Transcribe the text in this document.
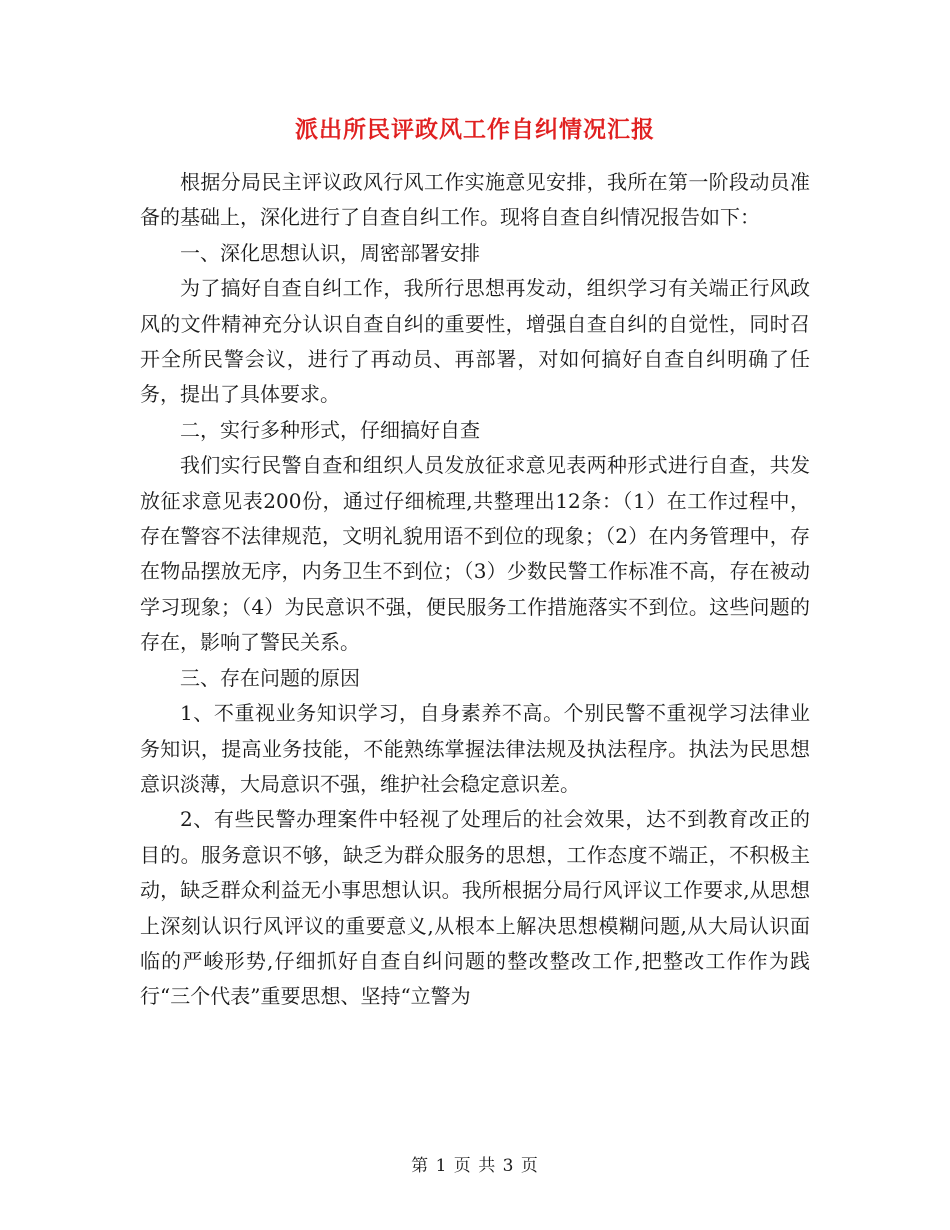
派出所民评政风工作自纠情况汇报

根据分局民主评议政风行风工作实施意见安排，我所在第一阶段动员准备的基础上，深化进行了自查自纠工作。现将自查自纠情况报告如下：

一、深化思想认识，周密部署安排

为了搞好自查自纠工作，我所行思想再发动，组织学习有关端正行风政风的文件精神充分认识自查自纠的重要性，增强自查自纠的自觉性，同时召开全所民警会议，进行了再动员、再部署，对如何搞好自查自纠明确了任务，提出了具体要求。

二，实行多种形式，仔细搞好自查

我们实行民警自查和组织人员发放征求意见表两种形式进行自查，共发放征求意见表200份，通过仔细梳理,共整理出12条：（1）在工作过程中，存在警容不法律规范，文明礼貌用语不到位的现象；（2）在内务管理中，存在物品摆放无序，内务卫生不到位；（3）少数民警工作标准不高，存在被动学习现象；（4）为民意识不强，便民服务工作措施落实不到位。这些问题的存在，影响了警民关系。

三、存在问题的原因

1、不重视业务知识学习，自身素养不高。个别民警不重视学习法律业务知识，提高业务技能，不能熟练掌握法律法规及执法程序。执法为民思想意识淡薄，大局意识不强，维护社会稳定意识差。

2、有些民警办理案件中轻视了处理后的社会效果，达不到教育改正的目的。服务意识不够，缺乏为群众服务的思想，工作态度不端正，不积极主动，缺乏群众利益无小事思想认识。我所根据分局行风评议工作要求,从思想上深刻认识行风评议的重要意义,从根本上解决思想模糊问题,从大局认识面临的严峻形势,仔细抓好自查自纠问题的整改整改工作,把整改工作作为践行“三个代表”重要思想、坚持“立警为

第 1 页 共 3 页
